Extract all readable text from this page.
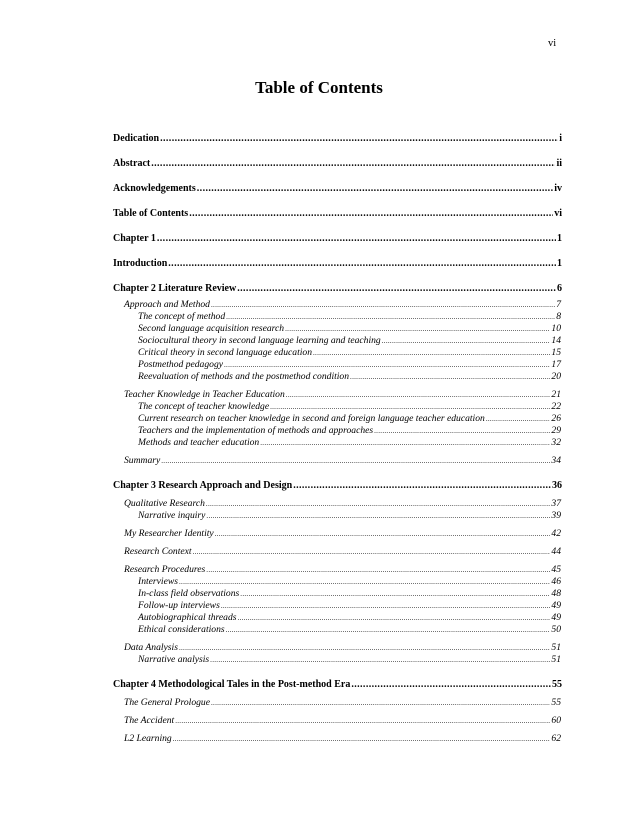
vi
Table of Contents
Dedication .....	i
Abstract .....	ii
Acknowledgements .....	iv
Table of Contents .....	vi
Chapter 1 .....	1
Introduction .....	1
Chapter 2 Literature Review .....	6
Approach and Method .....	7
The concept of method .....	8
Second language acquisition research .....	10
Sociocultural theory in second language learning and teaching .....	14
Critical theory in second language education .....	15
Postmethod pedagogy .....	17
Reevaluation of methods and the postmethod condition .....	20
Teacher Knowledge in Teacher Education .....	21
The concept of teacher knowledge .....	22
Current research on teacher knowledge in second and foreign language teacher education .....	26
Teachers and the implementation of methods and approaches .....	29
Methods and teacher education .....	32
Summary .....	34
Chapter 3 Research Approach and Design .....	36
Qualitative Research .....	37
Narrative inquiry .....	39
My Researcher Identity .....	42
Research Context .....	44
Research Procedures .....	45
Interviews .....	46
In-class field observations .....	48
Follow-up interviews .....	49
Autobiographical threads .....	49
Ethical considerations .....	50
Data Analysis .....	51
Narrative analysis .....	51
Chapter 4 Methodological Tales in the Post-method Era .....	55
The General Prologue .....	55
The Accident .....	60
L2 Learning .....	62
